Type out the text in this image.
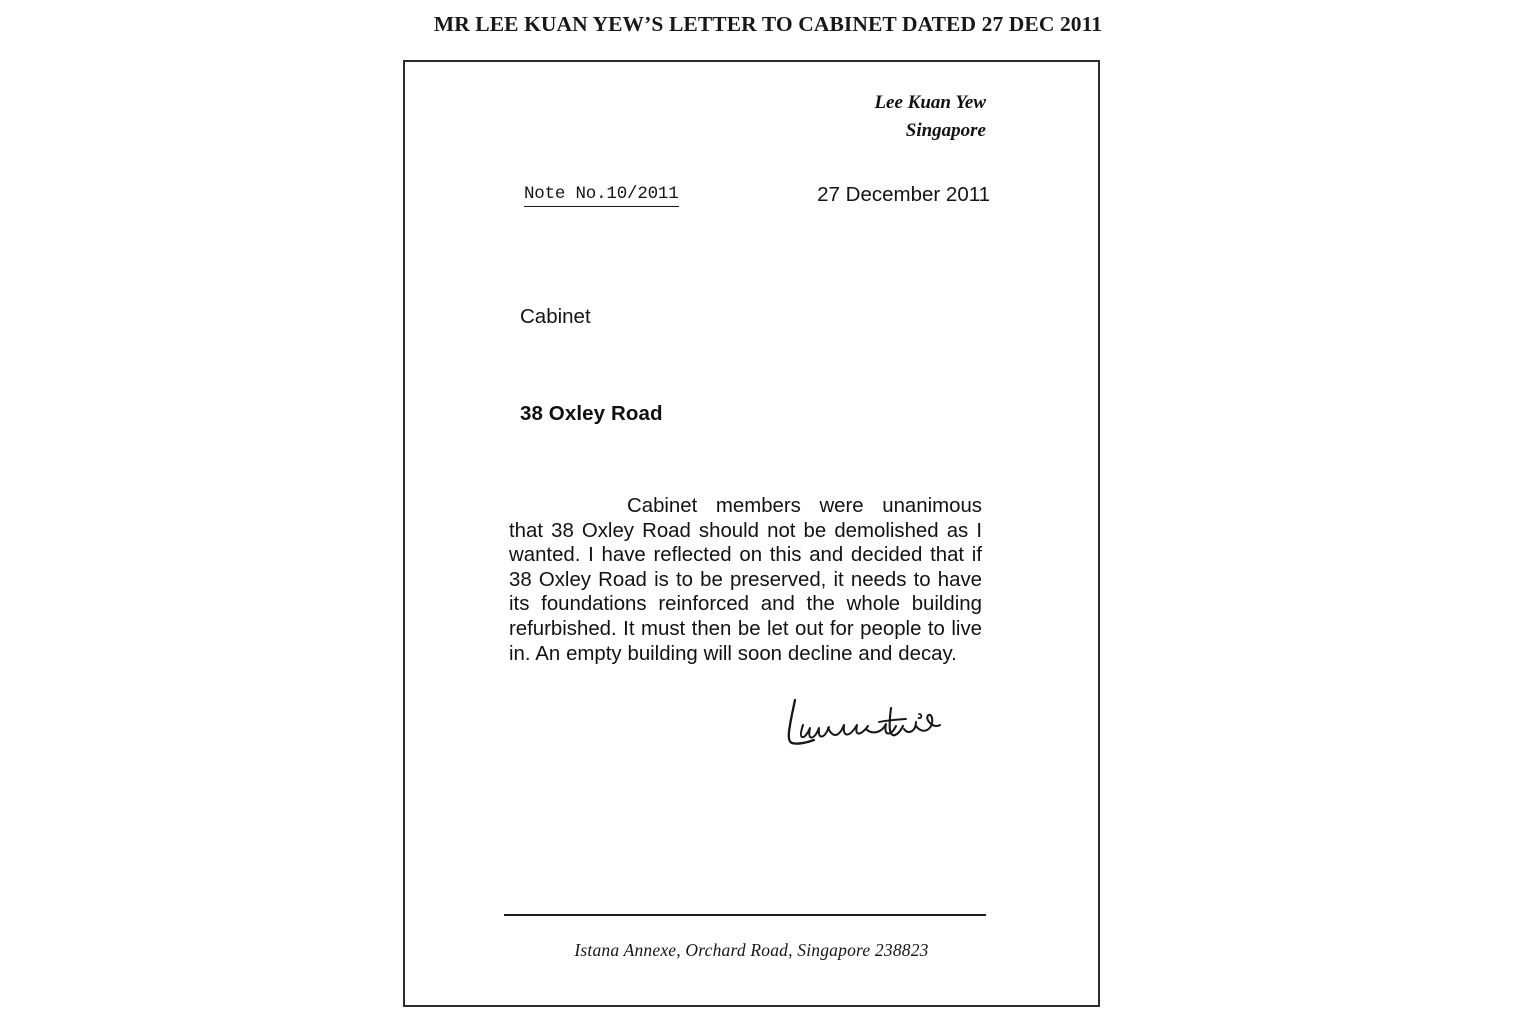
MR LEE KUAN YEW’S LETTER TO CABINET DATED 27 DEC 2011
Lee Kuan Yew
Singapore
Note No.10/2011	27 December 2011
Cabinet
38 Oxley Road
Cabinet members were unanimous that 38 Oxley Road should not be demolished as I wanted. I have reflected on this and decided that if 38 Oxley Road is to be preserved, it needs to have its foundations reinforced and the whole building refurbished. It must then be let out for people to live in. An empty building will soon decline and decay.
Istana Annexe, Orchard Road, Singapore 238823
